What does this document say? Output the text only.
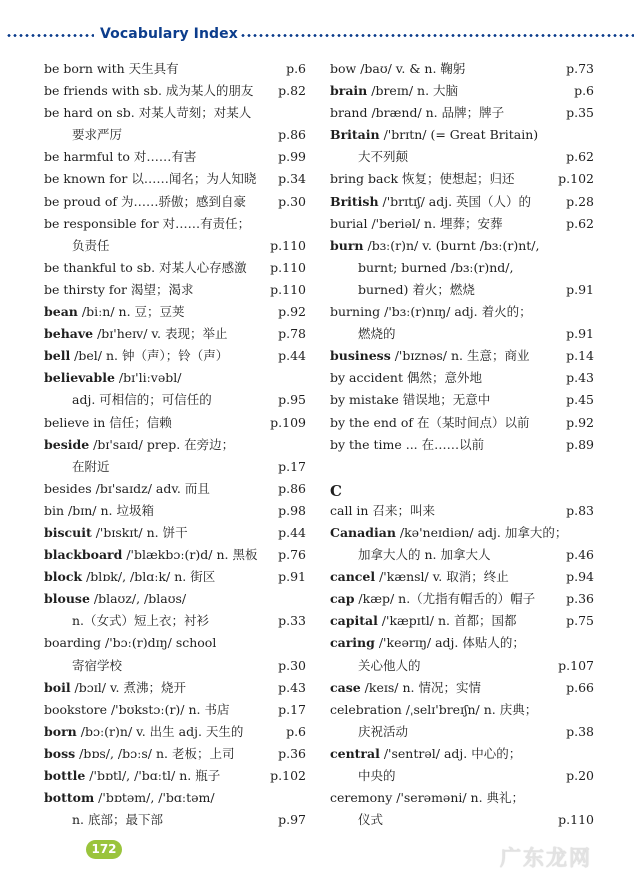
Vocabulary Index
be born with 天生具有	p.6
be friends with sb. 成为某人的朋友 p.82
be hard on sb. 对某人苛刻；对某人
要求严厉	p.86
be harmful to 对……有害	p.99
be known for 以……闻名；为人知晓 p.34
be proud of 为……骄傲；感到自豪	p.30
be responsible for 对……有责任；
负责任	p.110
be thankful to sb. 对某人心存感激 p.110
be thirsty for 渴望；渴求	p.110
bean /biːn/ n. 豆；豆荚	p.92
behave /bɪ'heɪv/ v. 表现；举止	p.78
bell /bel/ n. 钟（声）；铃（声）	p.44
believable /bɪ'liːvəbl/
adj. 可相信的；可信任的	p.95
believe in 信任；信赖	p.109
beside /bɪ'saɪd/ prep. 在旁边；
在附近	p.17
besides /bɪ'saɪdz/ adv. 而且	p.86
bin /bɪn/ n. 垃圾箱	p.98
biscuit /'bɪskɪt/ n. 饼干	p.44
blackboard /'blækbɔː(r)d/ n. 黑板 p.76
block /blɒk/, /blɑːk/ n. 街区	p.91
blouse /blaʊz/, /blaʊs/
n.（女式）短上衣；衬衫	p.33
boarding /'bɔː(r)dɪŋ/ school
寄宿学校	p.30
boil /bɔɪl/ v. 煮沸；烧开	p.43
bookstore /'bʊkstɔː(r)/ n. 书店	p.17
born /bɔː(r)n/ v. 出生 adj. 天生的	p.6
boss /bɒs/, /bɔːs/ n. 老板；上司	p.36
bottle /'bɒtl/, /'bɑːtl/ n. 瓶子	p.102
bottom /'bɒtəm/, /'bɑːtəm/
n. 底部；最下部	p.97
bow /baʊ/ v. & n. 鞠躬	p.73
brain /breɪn/ n. 大脑	p.6
brand /brænd/ n. 品牌；牌子	p.35
Britain /'brɪtn/ (= Great Britain)
大不列颠	p.62
bring back 恢复；使想起；归还	p.102
British /'brɪtɪʃ/ adj. 英国（人）的	p.28
burial /'beriəl/ n. 埋葬；安葬	p.62
burn /bɜː(r)n/ v. (burnt /bɜː(r)nt/,
burnt; burned /bɜː(r)nd/,
burned) 着火；燃烧	p.91
burning /'bɜː(r)nɪŋ/ adj. 着火的；
燃烧的	p.91
business /'bɪznəs/ n. 生意；商业	p.14
by accident 偶然；意外地	p.43
by mistake 错误地；无意中	p.45
by the end of 在（某时间点）以前	p.92
by the time ... 在……以前	p.89
C
call in 召来；叫来	p.83
Canadian /kə'neɪdiən/ adj. 加拿大的；
加拿大人的 n. 加拿大人	p.46
cancel /'kænsl/ v. 取消；终止	p.94
cap /kæp/ n.（尤指有帽舌的）帽子 p.36
capital /'kæpɪtl/ n. 首都；国都	p.75
caring /'keərɪŋ/ adj. 体贴人的；
关心他人的	p.107
case /keɪs/ n. 情况；实情	p.66
celebration /ˌselɪ'breɪʃn/ n. 庆典；
庆祝活动	p.38
central /'sentrəl/ adj. 中心的；
中央的	p.20
ceremony /'serəməni/ n. 典礼；
仪式	p.110
172	广东龙网
